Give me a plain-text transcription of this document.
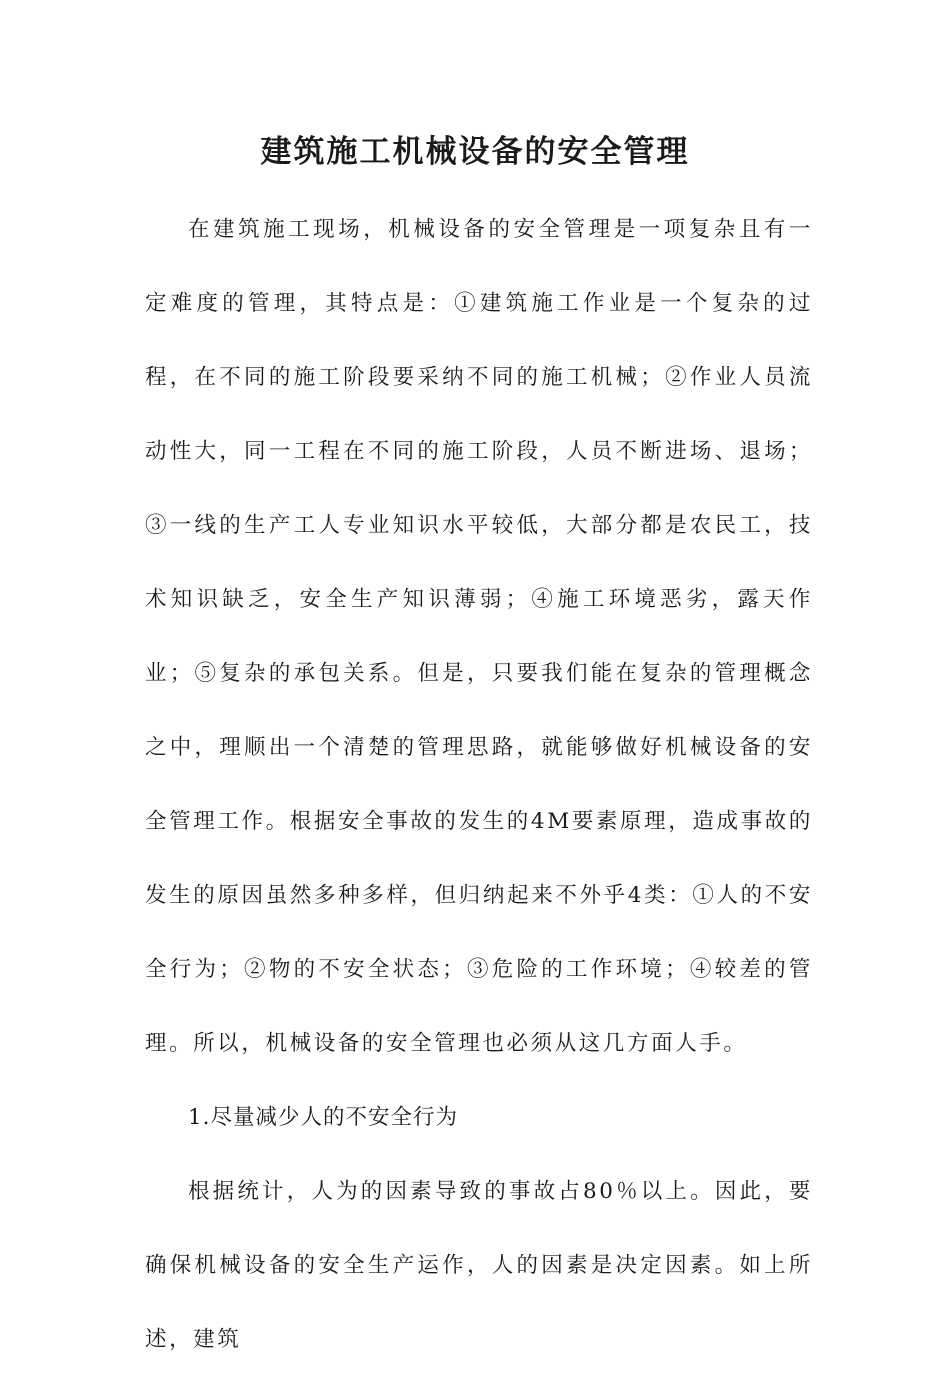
建筑施工机械设备的安全管理

在建筑施工现场，机械设备的安全管理是一项复杂且有一定难度的管理，其特点是：①建筑施工作业是一个复杂的过程，在不同的施工阶段要采纳不同的施工机械；②作业人员流动性大，同一工程在不同的施工阶段，人员不断进场、退场；③一线的生产工人专业知识水平较低，大部分都是农民工，技术知识缺乏，安全生产知识薄弱；④施工环境恶劣，露天作业；⑤复杂的承包关系。但是，只要我们能在复杂的管理概念之中，理顺出一个清楚的管理思路，就能够做好机械设备的安全管理工作。根据安全事故的发生的4M要素原理，造成事故的发生的原因虽然多种多样，但归纳起来不外乎4类：①人的不安全行为；②物的不安全状态；③危险的工作环境；④较差的管理。所以，机械设备的安全管理也必须从这几方面人手。

1.尽量减少人的不安全行为

根据统计，人为的因素导致的事故占80％以上。因此，要确保机械设备的安全生产运作，人的因素是决定因素。如上所述，建筑
